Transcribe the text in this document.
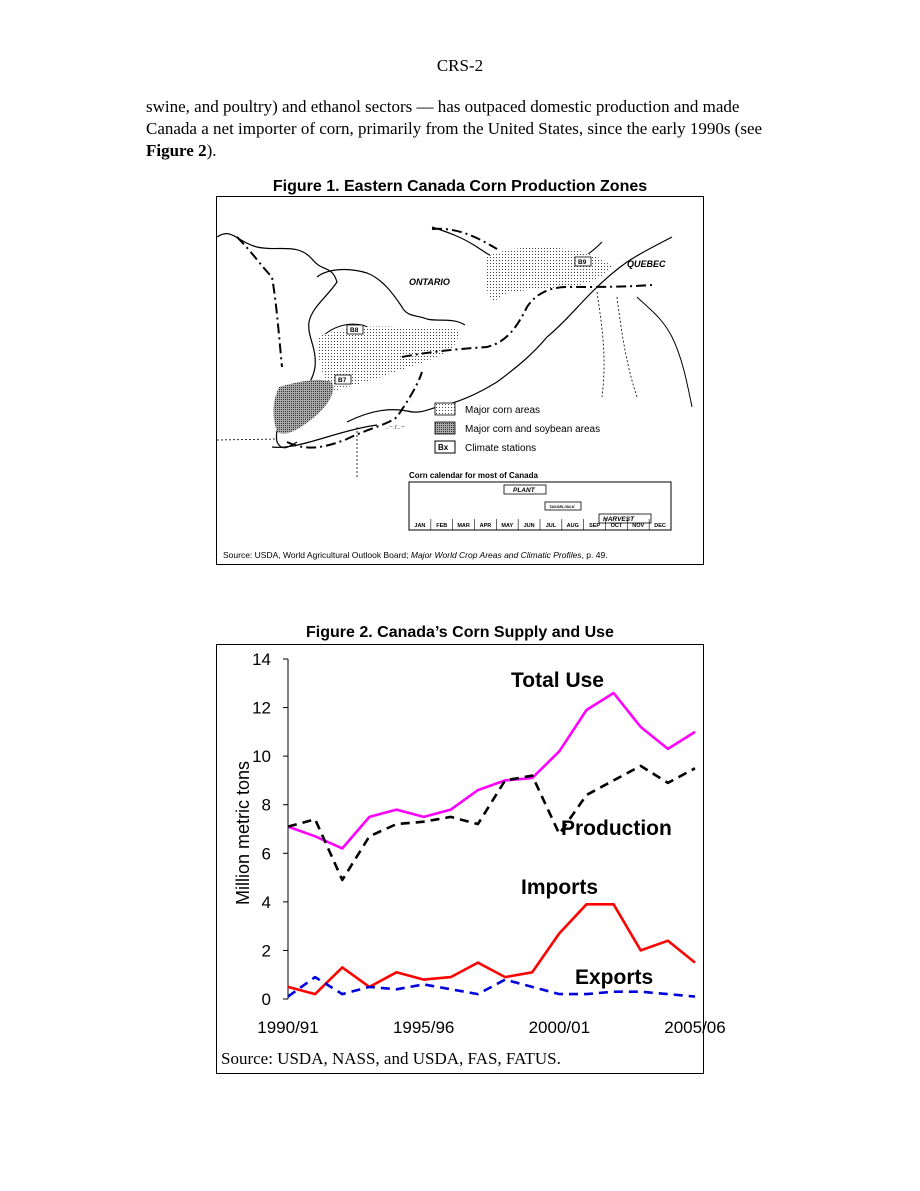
CRS-2
swine, and poultry) and ethanol sectors — has outpaced domestic production and made Canada a net importer of corn, primarily from the United States, since the early 1990s (see Figure 2).
Figure 1. Eastern Canada Corn Production Zones
ONTARIO
QUEBEC
B8
B7
B9
..~.r..~
Major corn areas
Major corn and soybean areas
Bx Climate stations
Corn calendar for most of Canada
PLANT
TASSEL/SILK
HARVEST
JAN FEB MAR APR MAY JUN JUL AUG SEP OCT NOV DEC
Source: USDA, World Agricultural Outlook Board; Major World Crop Areas and Climatic Profiles, p. 49.
Figure 2. Canada’s Corn Supply and Use
0
2
4
6
8
10
12
14
1990/91	1995/96	2000/01	2005/06
Million metric tons
Total Use
Production
Imports
Exports
Source: USDA, NASS, and USDA, FAS, FATUS.
